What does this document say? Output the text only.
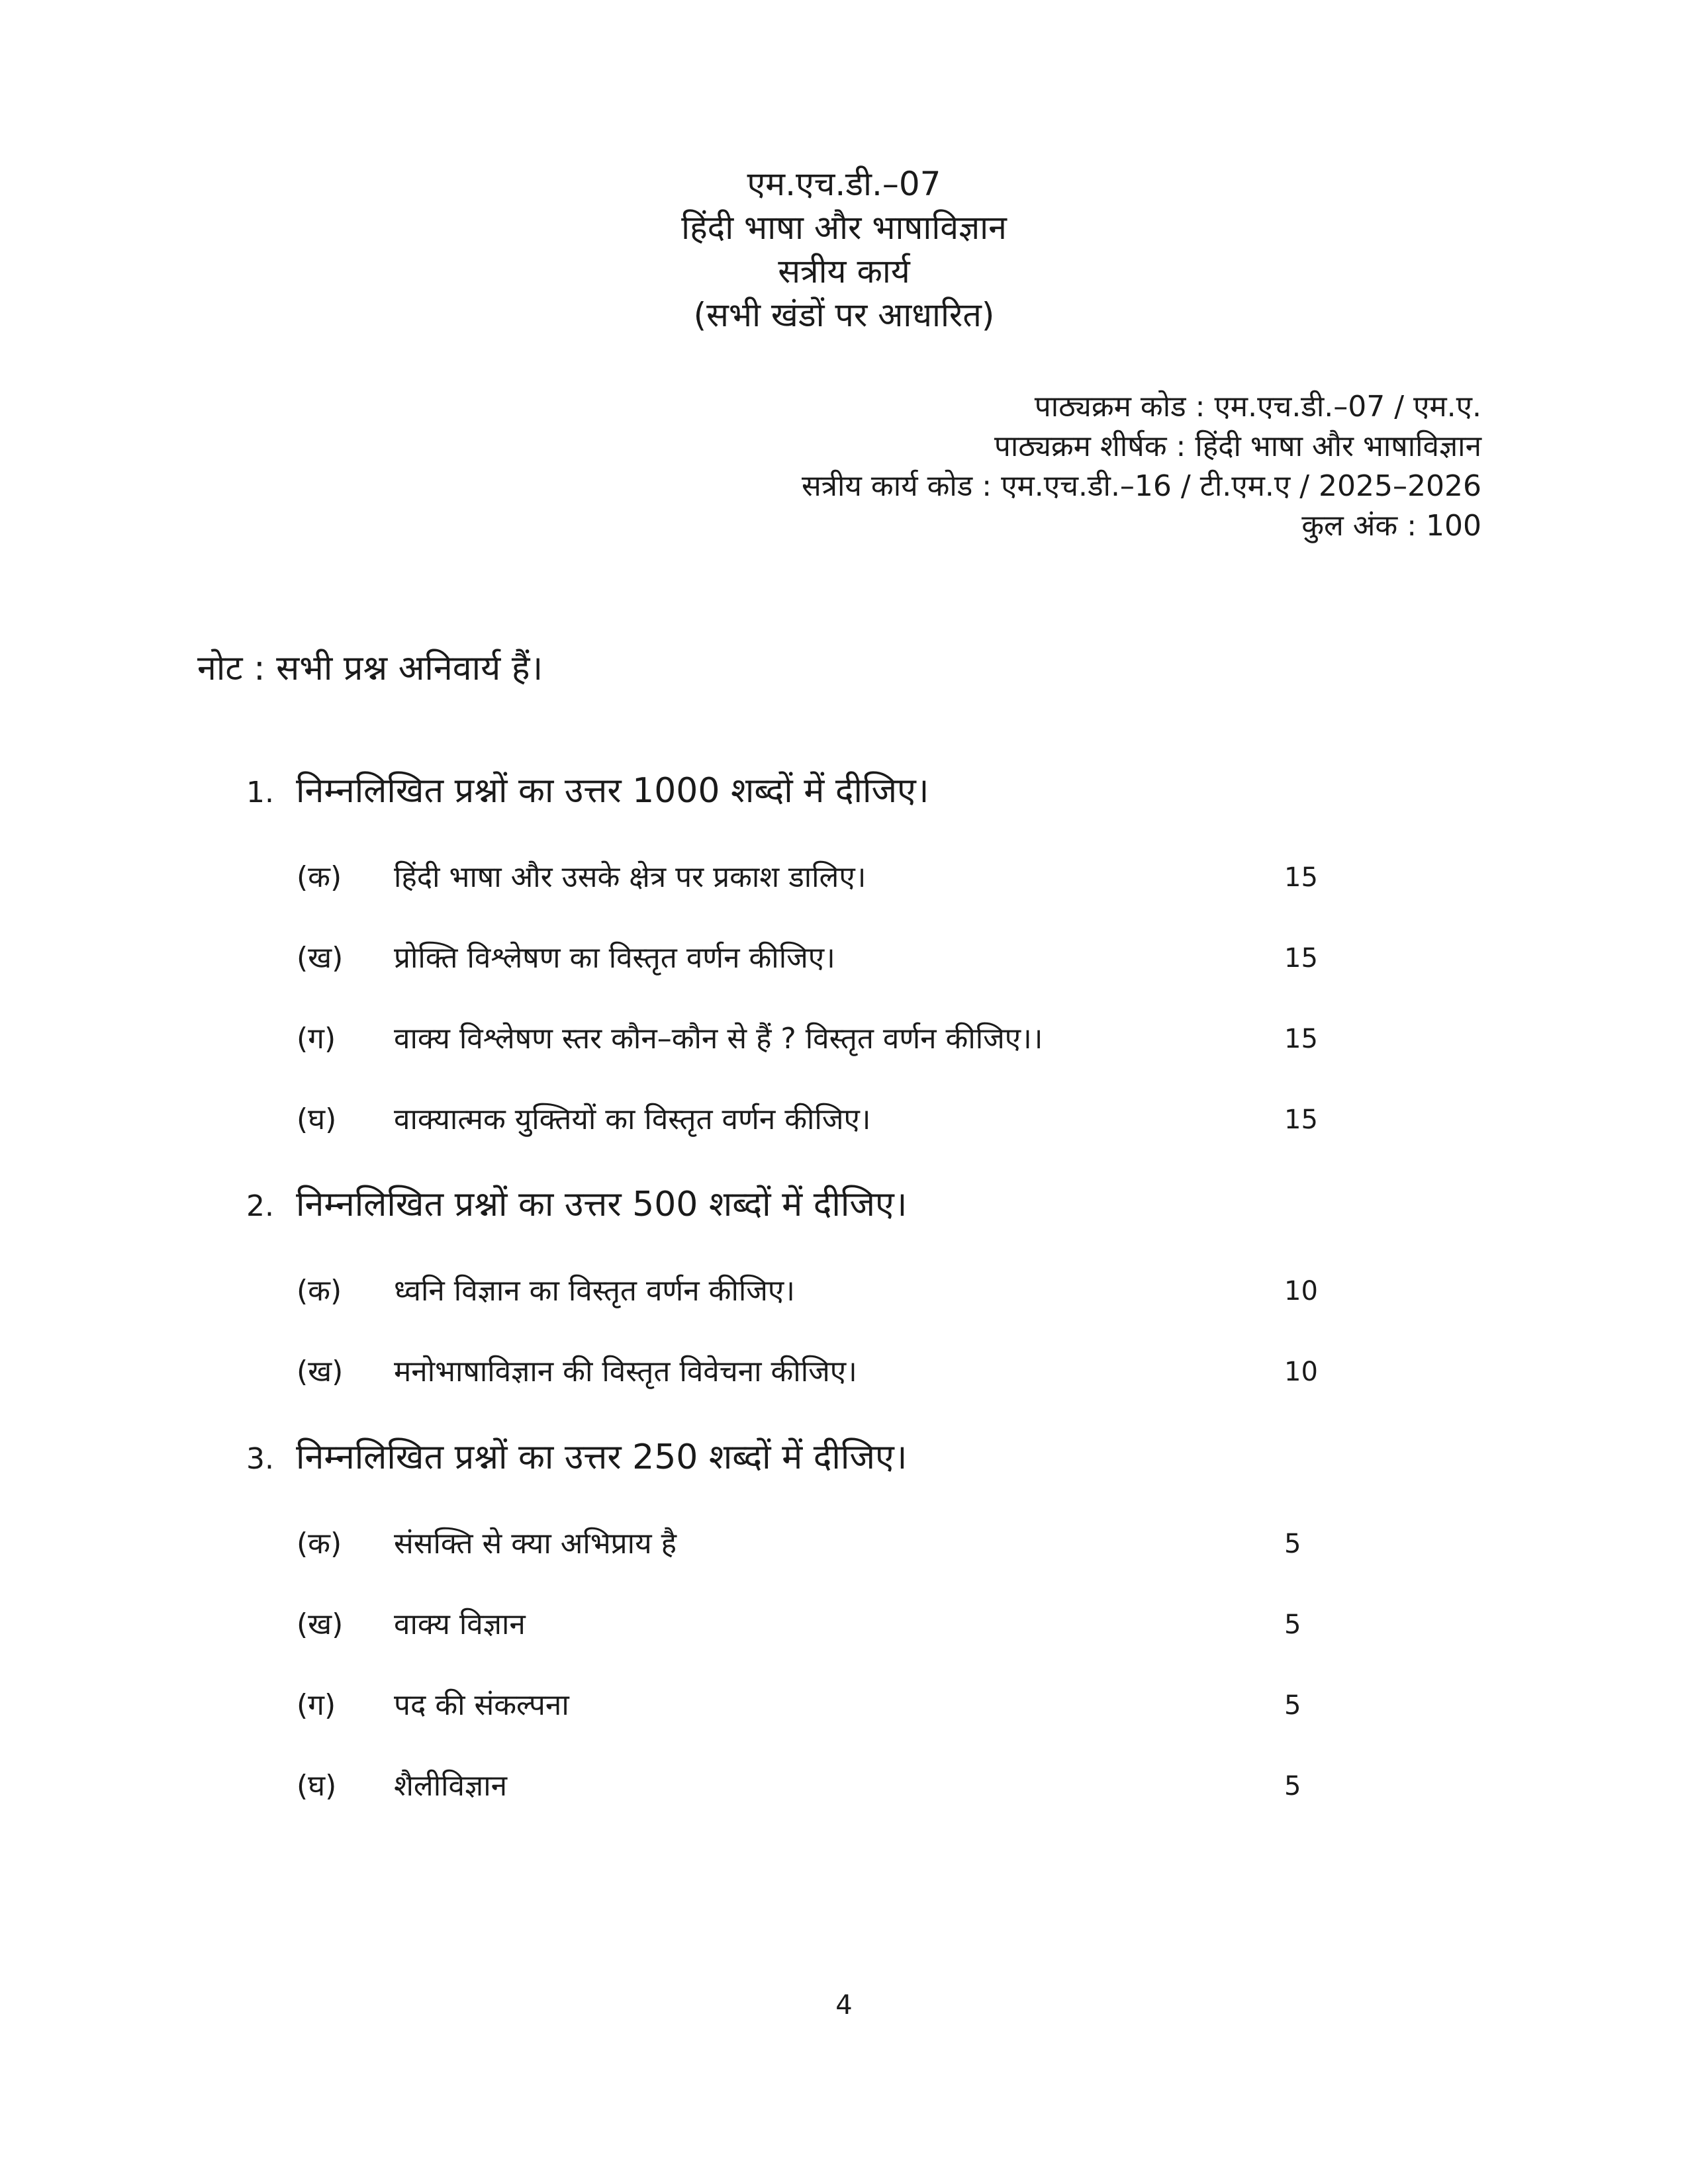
एम.एच.डी.–07
हिंदी भाषा और भाषाविज्ञान
सत्रीय कार्य
(सभी खंडों पर आधारित)
पाठ्यक्रम कोड : एम.एच.डी.–07 / एम.ए.
पाठ्यक्रम शीर्षक : हिंदी भाषा और भाषाविज्ञान
सत्रीय कार्य कोड : एम.एच.डी.–16 / टी.एम.ए / 2025–2026
कुल अंक : 100
नोट : सभी प्रश्न अनिवार्य हैं।
1. निम्नलिखित प्रश्नों का उत्तर 1000 शब्दों में दीजिए।
(क) हिंदी भाषा और उसके क्षेत्र पर प्रकाश डालिए।	15
(ख) प्रोक्ति विश्लेषण का विस्तृत वर्णन कीजिए।	15
(ग) वाक्य विश्लेषण स्तर कौन–कौन से हैं ? विस्तृत वर्णन कीजिए।।	15
(घ) वाक्यात्मक युक्तियों का विस्तृत वर्णन कीजिए।	15
2. निम्नलिखित प्रश्नों का उत्तर 500 शब्दों में दीजिए।
(क) ध्वनि विज्ञान का विस्तृत वर्णन कीजिए।	10
(ख) मनोभाषाविज्ञान की विस्तृत विवेचना कीजिए।	10
3. निम्नलिखित प्रश्नों का उत्तर 250 शब्दों में दीजिए।
(क) संसक्ति से क्या अभिप्राय है	5
(ख) वाक्य विज्ञान	5
(ग) पद की संकल्पना	5
(घ) शैलीविज्ञान	5
4
